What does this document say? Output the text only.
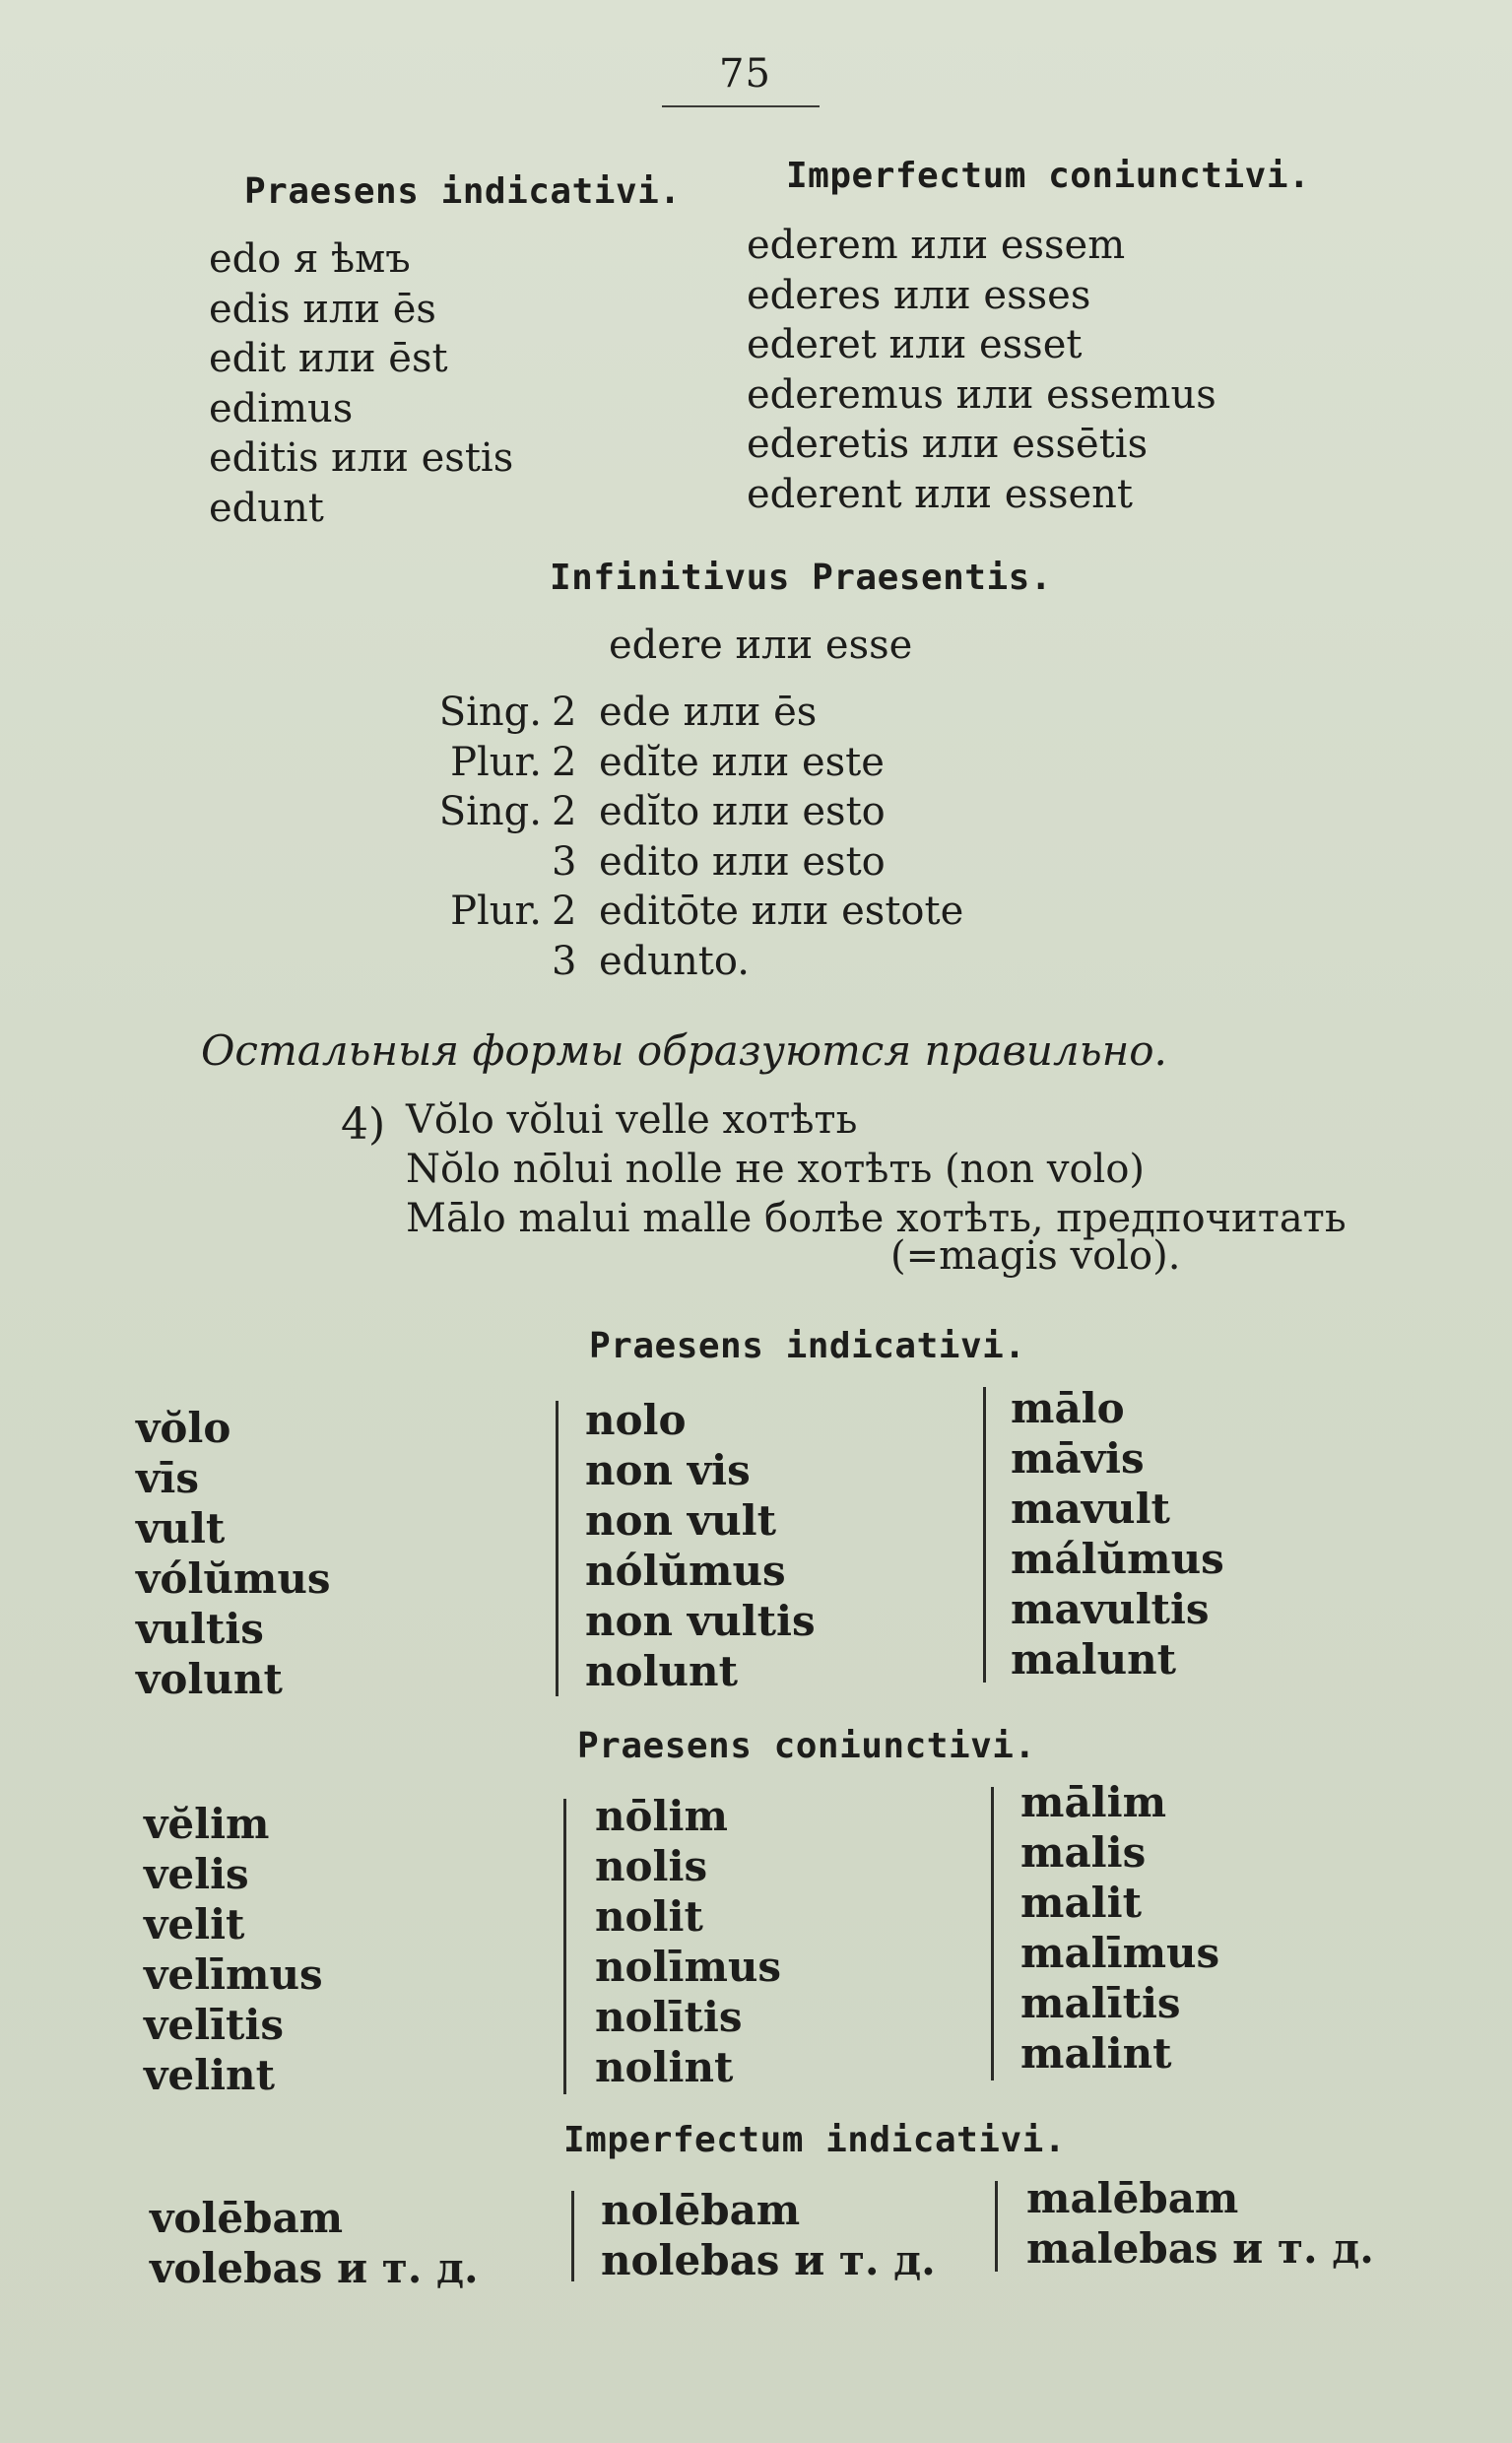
75
Praesens indicativi.	Imperfectum coniunctivi.
edo я ѣмъ
edis или ēs
edit или ēst
edimus
editis или estis
edunt
ederem или essem
ederes или esses
ederet или esset
ederemus или essemus
ederetis или essētis
ederent или essent
Infinitivus Praesentis.
edere или esse
Sing. 2 ede или ēs
Plur. 2 edĭte или este
Sing. 2 edĭto или esto
3 edito или esto
Plur. 2 editōte или estote
3 edunto.
Остальныя формы образуются правильно.
4) Vŏlo vŏlui velle хотѣть
Nŏlo nōlui nolle не хотѣть (non volo)
Mālo malui malle болѣе хотѣть, предпочитать
(=magis volo).
Praesens indicativi.
vŏlo
vīs
vult
vólŭmus
vultis
volunt
nolo
non vis
non vult
nólŭmus
non vultis
nolunt
mālo
māvis
mavult
málŭmus
mavultis
malunt
Praesens coniunctivi.
vĕlim
velis
velit
velīmus
velītis
velint
nōlim
nolis
nolit
nolīmus
nolītis
nolint
mālim
malis
malit
malīmus
malītis
malint
Imperfectum indicativi.
volēbam
volebas и т. д.
nolēbam
nolebas и т. д.
malēbam
malebas и т. д.
